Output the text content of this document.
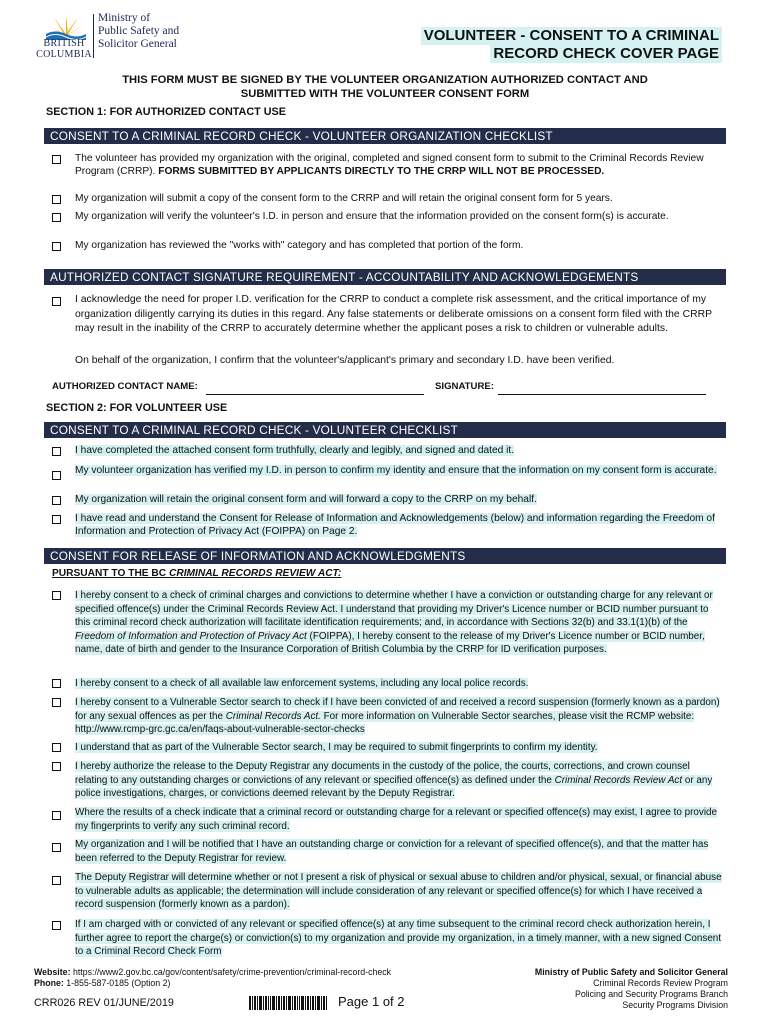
BRITISH
COLUMBIA
Ministry of
Public Safety and
Solicitor General	VOLUNTEER - CONSENT TO A CRIMINAL
RECORD CHECK COVER PAGE
THIS FORM MUST BE SIGNED BY THE VOLUNTEER ORGANIZATION AUTHORIZED CONTACT AND
SUBMITTED WITH THE VOLUNTEER CONSENT FORM
SECTION 1: FOR AUTHORIZED CONTACT USE
CONSENT TO A CRIMINAL RECORD CHECK - VOLUNTEER ORGANIZATION CHECKLIST
The volunteer has provided my organization with the original, completed and signed consent form to submit to the Criminal Records Review Program (CRRP). FORMS SUBMITTED BY APPLICANTS DIRECTLY TO THE CRRP WILL NOT BE PROCESSED.
My organization will submit a copy of the consent form to the CRRP and will retain the original consent form for 5 years.
My organization will verify the volunteer's I.D. in person and ensure that the information provided on the consent form(s) is accurate.
My organization has reviewed the "works with" category and has completed that portion of the form.
AUTHORIZED CONTACT SIGNATURE REQUIREMENT - ACCOUNTABILITY AND ACKNOWLEDGEMENTS
I acknowledge the need for proper I.D. verification for the CRRP to conduct a complete risk assessment, and the critical importance of my organization diligently carrying its duties in this regard. Any false statements or deliberate omissions on a consent form filed with the CRRP may result in the inability of the CRRP to accurately determine whether the applicant poses a risk to children or vulnerable adults.
On behalf of the organization, I confirm that the volunteer's/applicant's primary and secondary I.D. have been verified.
AUTHORIZED CONTACT NAME:	SIGNATURE:
SECTION 2: FOR VOLUNTEER USE
CONSENT TO A CRIMINAL RECORD CHECK - VOLUNTEER CHECKLIST
I have completed the attached consent form truthfully, clearly and legibly, and signed and dated it.
My volunteer organization has verified my I.D. in person to confirm my identity and ensure that the information on my consent form is accurate.
My organization will retain the original consent form and will forward a copy to the CRRP on my behalf.
I have read and understand the Consent for Release of Information and Acknowledgements (below) and information regarding the Freedom of Information and Protection of Privacy Act (FOIPPA) on Page 2.
CONSENT FOR RELEASE OF INFORMATION AND ACKNOWLEDGMENTS
PURSUANT TO THE BC CRIMINAL RECORDS REVIEW ACT:
I hereby consent to a check of criminal charges and convictions to determine whether I have a conviction or outstanding charge for any relevant or specified offence(s) under the Criminal Records Review Act. I understand that providing my Driver's Licence number or BCID number pursuant to this criminal record check authorization will facilitate identification requirements; and, in accordance with Sections 32(b) and 33.1(1)(b) of the Freedom of Information and Protection of Privacy Act (FOIPPA), I hereby consent to the release of my Driver's Licence number or BCID number, name, date of birth and gender to the Insurance Corporation of British Columbia by the CRRP for ID verification purposes.
I hereby consent to a check of all available law enforcement systems, including any local police records.
I hereby consent to a Vulnerable Sector search to check if I have been convicted of and received a record suspension (formerly known as a pardon) for any sexual offences as per the Criminal Records Act. For more information on Vulnerable Sector searches, please visit the RCMP website: http://www.rcmp-grc.gc.ca/en/faqs-about-vulnerable-sector-checks
I understand that as part of the Vulnerable Sector search, I may be required to submit fingerprints to confirm my identity.
I hereby authorize the release to the Deputy Registrar any documents in the custody of the police, the courts, corrections, and crown counsel relating to any outstanding charges or convictions of any relevant or specified offence(s) as defined under the Criminal Records Review Act or any police investigations, charges, or convictions deemed relevant by the Deputy Registrar.
Where the results of a check indicate that a criminal record or outstanding charge for a relevant or specified offence(s) may exist, I agree to provide my fingerprints to verify any such criminal record.
My organization and I will be notified that I have an outstanding charge or conviction for a relevant of specified offence(s), and that the matter has been referred to the Deputy Registrar for review.
The Deputy Registrar will determine whether or not I present a risk of physical or sexual abuse to children and/or physical, sexual, or financial abuse to vulnerable adults as applicable; the determination will include consideration of any relevant or specified offence(s) for which I have received a record suspension (formerly known as a pardon).
If I am charged with or convicted of any relevant or specified offence(s) at any time subsequent to the criminal record check authorization herein, I further agree to report the charge(s) or conviction(s) to my organization and provide my organization, in a timely manner, with a new signed Consent to a Criminal Record Check Form
Website: https://www2.gov.bc.ca/gov/content/safety/crime-prevention/criminal-record-check
Phone: 1-855-587-0185 (Option 2)
CRR026 REV 01/JUNE/2019	Page 1 of 2
Ministry of Public Safety and Solicitor General
Criminal Records Review Program
Policing and Security Programs Branch
Security Programs Division
